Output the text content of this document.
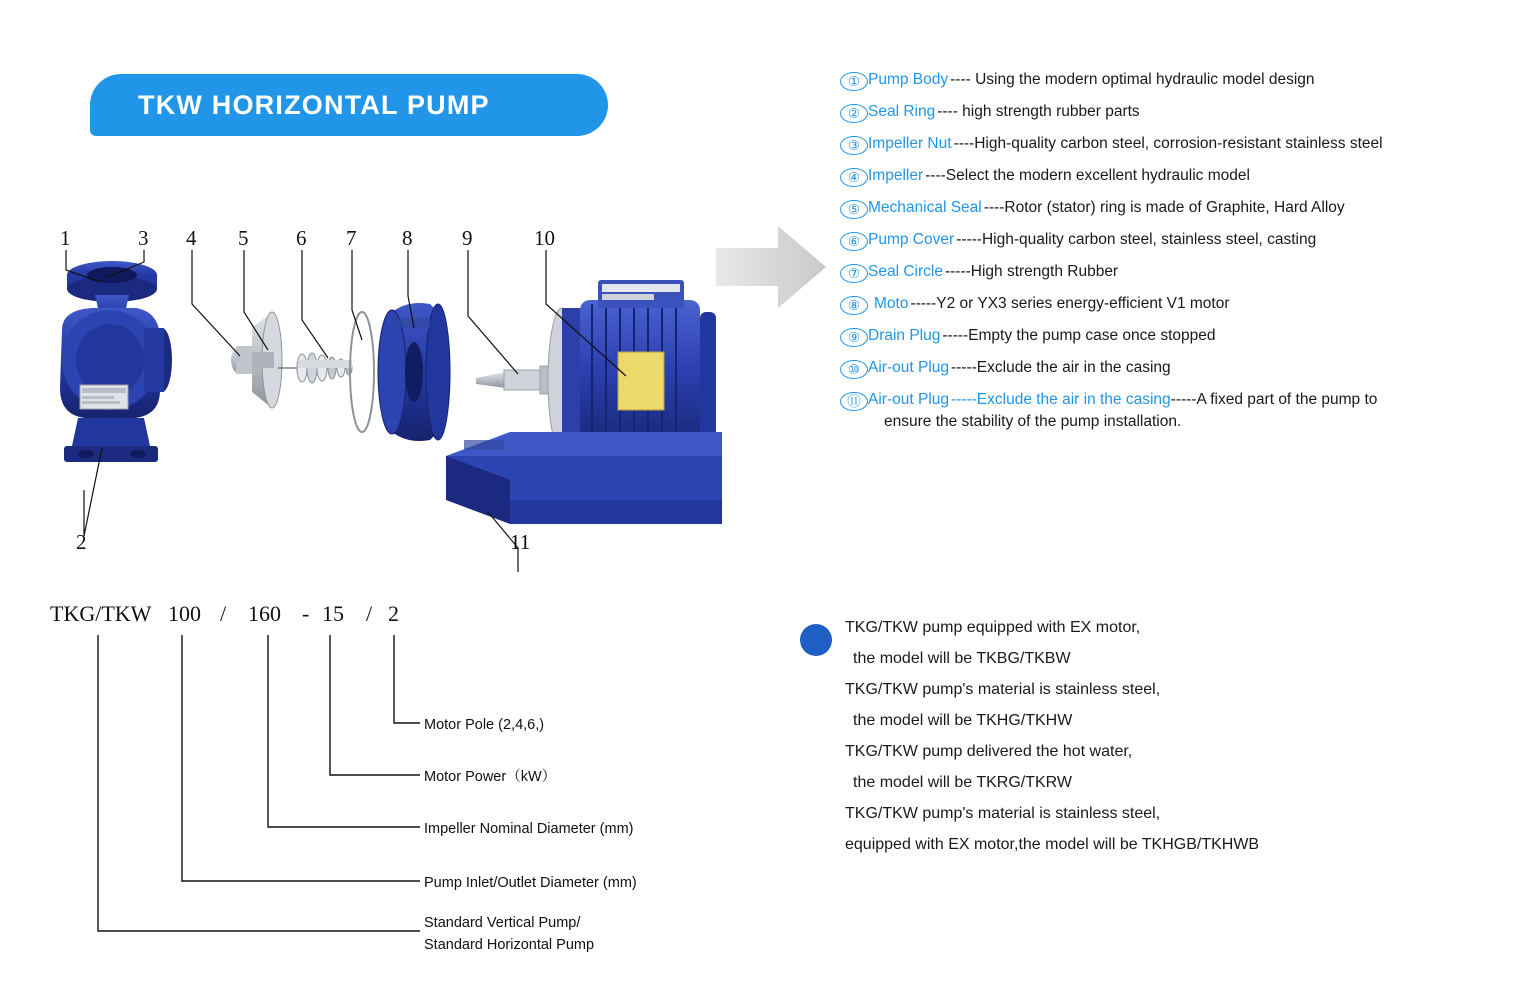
TKW HORIZONTAL PUMP
1	3 4 5 6 7 8 9	10
2	11
① Pump Body ---- Using the modern optimal hydraulic model design
② Seal Ring ---- high strength rubber parts
③ Impeller Nut ----High-quality carbon steel, corrosion-resistant stainless steel
④ Impeller ----Select the modern excellent hydraulic model
⑤ Mechanical Seal ----Rotor (stator) ring is made of Graphite, Hard Alloy
⑥ Pump Cover -----High-quality carbon steel, stainless steel, casting
⑦ Seal Circle -----High strength Rubber
⑧ Moto -----Y2 or YX3 series energy-efficient V1 motor
⑨ Drain Plug -----Empty the pump case once stopped
⑩ Air-out Plug -----Exclude the air in the casing
⑪ Air-out Plug -----Exclude the air in the casing -----A fixed part of the pump to
ensure the stability of the pump installation.
TKG/TKW 100 / 160 - 15 / 2
Motor Pole (2,4,6,)
Motor Power（kW）
Impeller Nominal Diameter (mm)
Pump Inlet/Outlet Diameter (mm)
Standard Vertical Pump/
Standard Horizontal Pump
TKG/TKW pump equipped with EX motor,
the model will be TKBG/TKBW
TKG/TKW pump's material is stainless steel,
the model will be TKHG/TKHW
TKG/TKW pump delivered the hot water,
the model will be TKRG/TKRW
TKG/TKW pump's material is stainless steel,
equipped with EX motor,the model will be TKHGB/TKHWB
